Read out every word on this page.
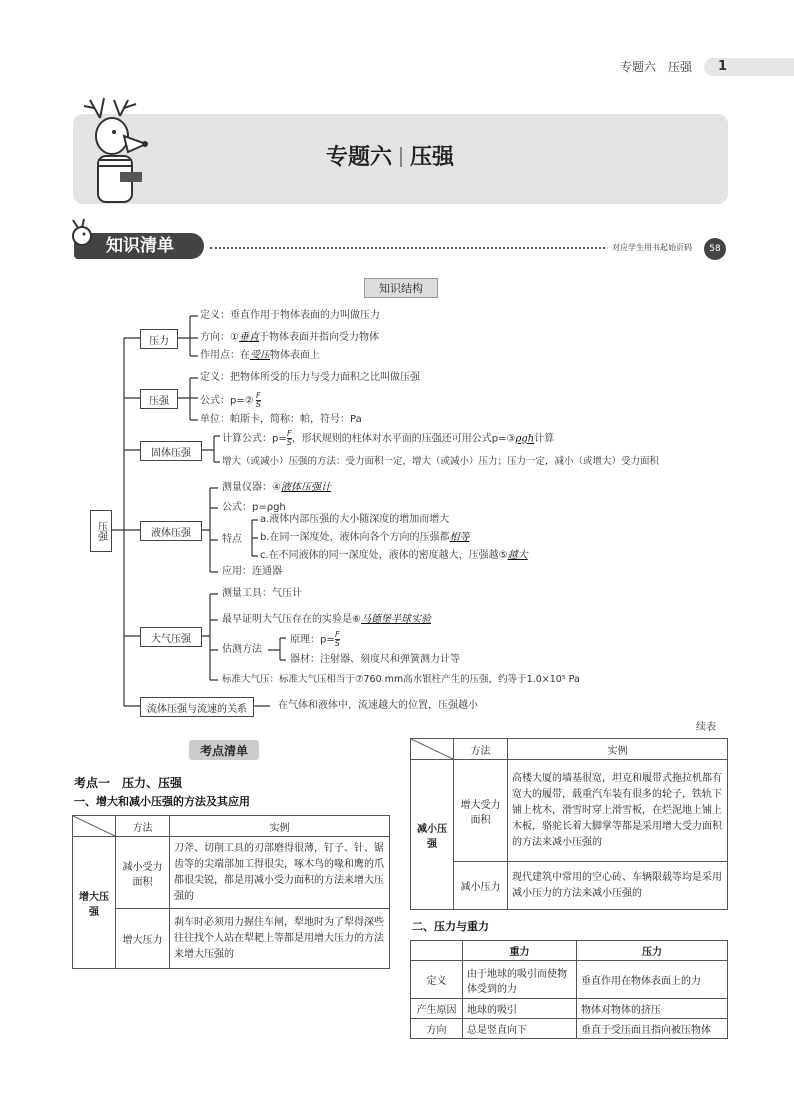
专题六　压强 1
专题六 压强
知识清单	对应学生用书起始页码	58
知识结构
压强
压力
定义：垂直作用于物体表面的力叫做压力
方向：①垂直于物体表面并指向受力物体
作用点：在受压物体表面上
压强
定义：把物体所受的压力与受力面积之比叫做压强
公式：p=② $\frac{F}{S}$
单位：帕斯卡，简称：帕，符号：Pa
固体压强
计算公式：$p= \frac{F}{S}$ ，形状规则的柱体对水平面的压强还可用公式p=③ρgh计算
增大（或减小）压强的方法：受力面积一定，增大（或减小）压力；压力一定，减小（或增大）受力面积
液体压强
测量仪器：④液体压强计
公式：p=ρgh
特点
a.液体内部压强的大小随深度的增加而增大
b.在同一深度处，液体向各个方向的压强都相等
c.在不同液体的同一深度处，液体的密度越大，压强越⑤越大
应用：连通器
大气压强
测量工具：气压计
最早证明大气压存在的实验是⑥马德堡半球实验
估测方法
原理：$p= \frac{F}{S}$
器材：注射器、刻度尺和弹簧测力计等
标准大气压：标准大气压相当于⑦760 mm高水银柱产生的压强，约等于1.0×10⁵ Pa
流体压强与流速的关系	在气体和液体中，流速越大的位置，压强越小
考点清单
考点一　压力、压强
一、增大和减小压强的方法及其应用
	方法	实例
增大压强	减小受力面积	刀斧、切削工具的刃部磨得很薄，钉子、针、锯齿等的尖端部加工得很尖，啄木鸟的喙和鹰的爪都很尖锐，都是用减小受力面积的方法来增大压强的
	增大压力	刹车时必须用力握住车闸，犁地时为了犁得深些往往找个人站在犁耙上等都是用增大压力的方法来增大压强的
续表
	方法	实例
减小压强	增大受力面积	高楼大厦的墙基很宽，坦克和履带式拖拉机都有宽大的履带，载重汽车装有很多的轮子，铁轨下铺上枕木，滑雪时穿上滑雪板，在烂泥地上铺上木板，骆驼长着大脚掌等都是采用增大受力面积的方法来减小压强的
	减小压力	现代建筑中常用的空心砖、车辆限载等均是采用减小压力的方法来减小压强的
二、压力与重力
	重力	压力
定义	由于地球的吸引而使物体受到的力	垂直作用在物体表面上的力
产生原因	地球的吸引	物体对物体的挤压
方向	总是竖直向下	垂直于受压面且指向被压物体
